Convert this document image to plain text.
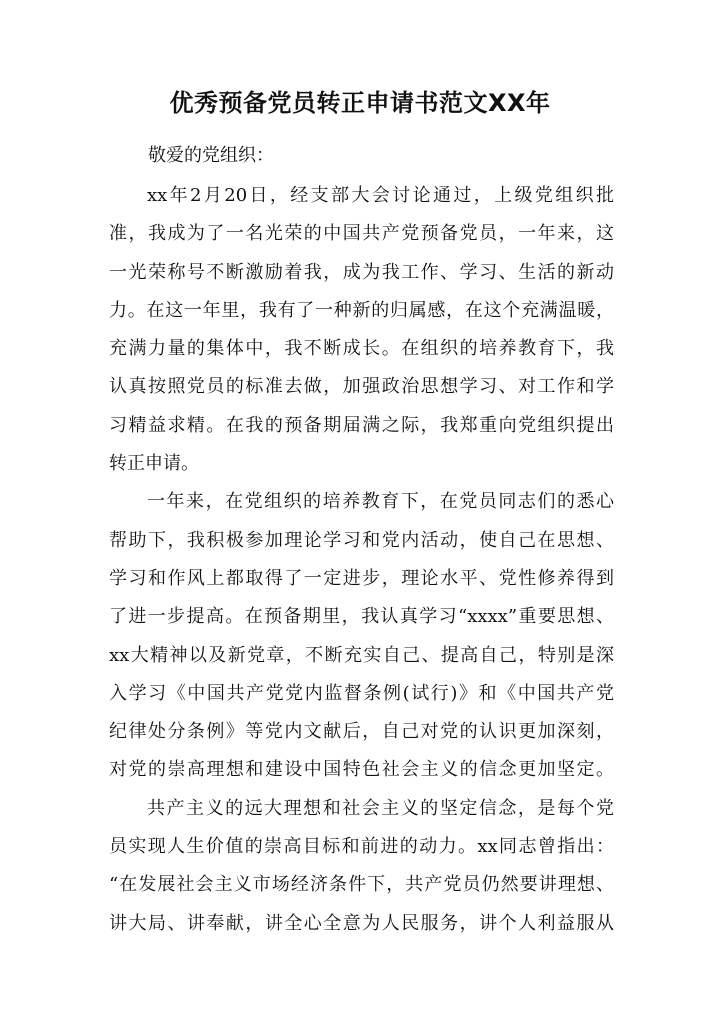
优秀预备党员转正申请书范文XX年
敬爱的党组织：
xx年2月20日，经支部大会讨论通过，上级党组织批
准，我成为了一名光荣的中国共产党预备党员，一年来，这
一光荣称号不断激励着我，成为我工作、学习、生活的新动
力。在这一年里，我有了一种新的归属感，在这个充满温暖，
充满力量的集体中，我不断成长。在组织的培养教育下，我
认真按照党员的标准去做，加强政治思想学习、对工作和学
习精益求精。在我的预备期届满之际，我郑重向党组织提出
转正申请。
一年来，在党组织的培养教育下，在党员同志们的悉心
帮助下，我积极参加理论学习和党内活动，使自己在思想、
学习和作风上都取得了一定进步，理论水平、党性修养得到
了进一步提高。在预备期里，我认真学习“xxxx”重要思想、
xx大精神以及新党章，不断充实自己、提高自己，特别是深
入学习《中国共产党党内监督条例(试行)》和《中国共产党
纪律处分条例》等党内文献后，自己对党的认识更加深刻，
对党的崇高理想和建设中国特色社会主义的信念更加坚定。
共产主义的远大理想和社会主义的坚定信念，是每个党
员实现人生价值的崇高目标和前进的动力。xx同志曾指出：
“在发展社会主义市场经济条件下，共产党员仍然要讲理想、
讲大局、讲奉献，讲全心全意为人民服务，讲个人利益服从
